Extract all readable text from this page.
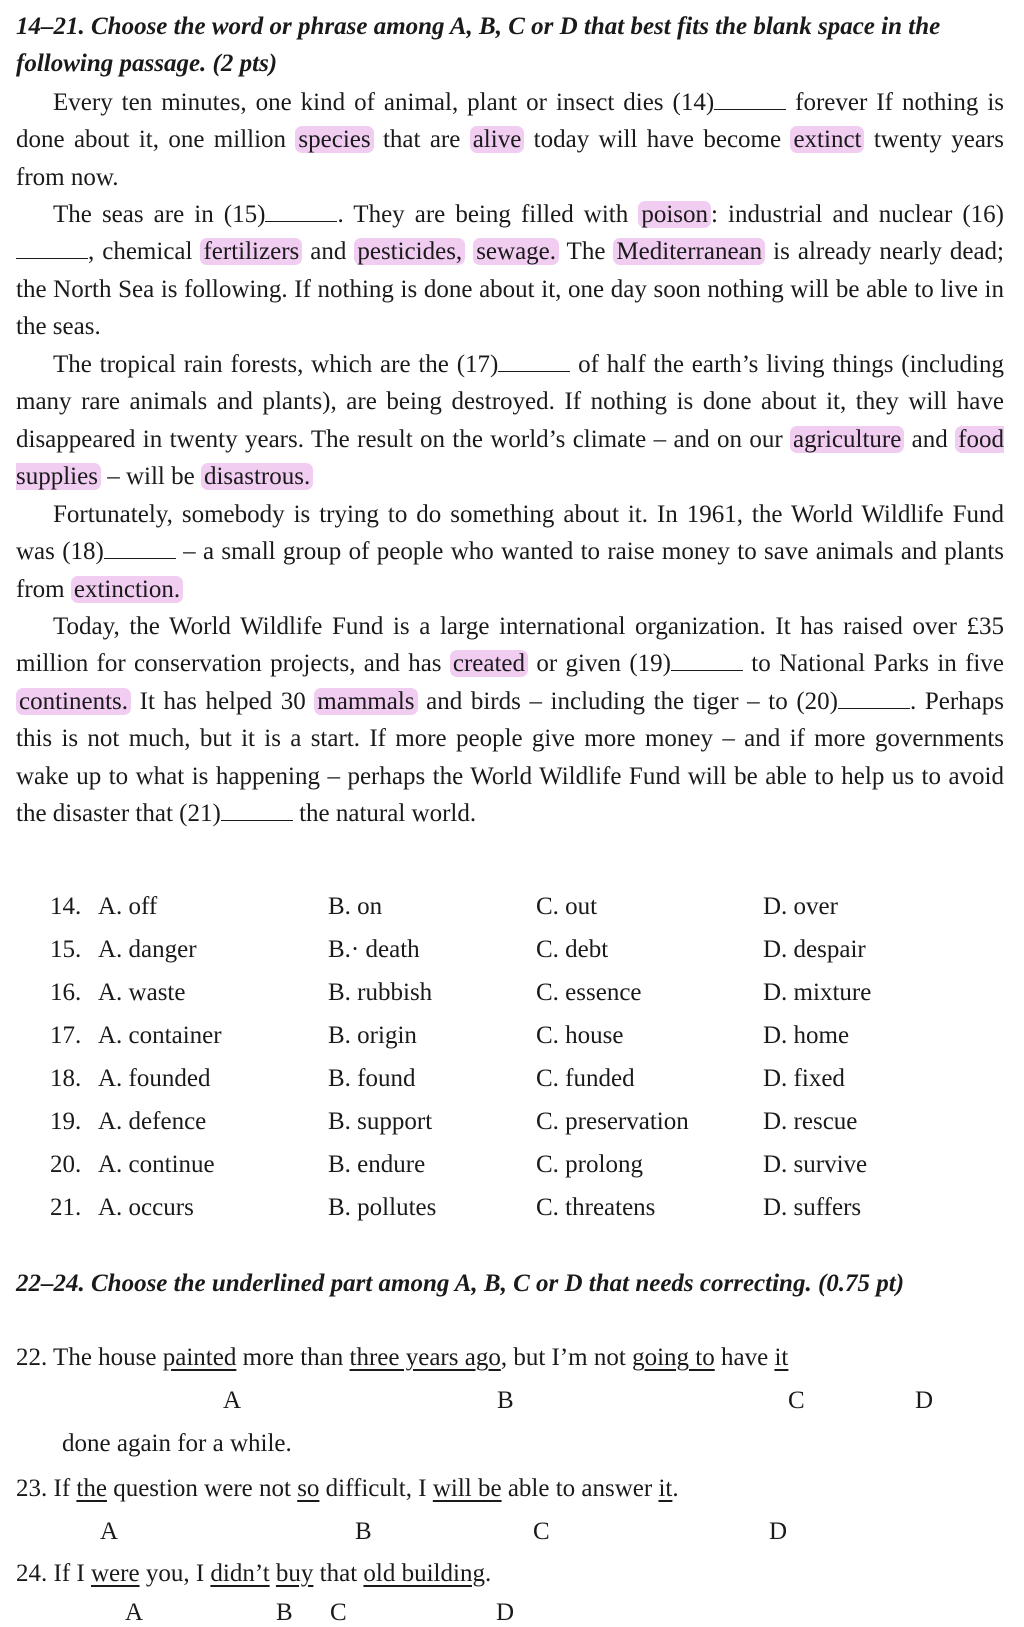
14–21. Choose the word or phrase among A, B, C or D that best fits the blank space in the following passage. (2 pts)
Every ten minutes, one kind of animal, plant or insect dies (14)	forever If nothing is done about it, one million species that are alive today will have become extinct twenty years from now.
The seas are in (15)	. They are being filled with poison : industrial and nuclear (16), chemical fertilizers and pesticides, sewage. The Mediterranean is already nearly dead; the North Sea is following. If nothing is done about it, one day soon nothing will be able to live in the seas.
The tropical rain forests, which are the (17)	of half the earth’s living things (including many rare animals and plants), are being destroyed. If nothing is done about it, they will have disappeared in twenty years. The result on the world’s climate – and on our agriculture and food supplies – will be disastrous.
Fortunately, somebody is trying to do something about it. In 1961, the World Wildlife Fund was (18)	– a small group of people who wanted to raise money to save animals and plants from extinction.
Today, the World Wildlife Fund is a large international organization. It has raised over £35 million for conservation projects, and has created or given (19)	to National Parks in five continents. It has helped 30 mammals and birds – including the tiger – to (20)	. Perhaps this is not much, but it is a start. If more people give more money – and if more governments wake up to what is happening – perhaps the World Wildlife Fund will be able to help us to avoid the disaster that (21)	the natural world.
14. A. off	B. on	C. out	D. over
15. A. danger	B.· death	C. debt	D. despair
16. A. waste	B. rubbish	C. essence	D. mixture
17. A. container	B. origin	C. house	D. home
18. A. founded	B. found	C. funded	D. fixed
19. A. defence	B. support	C. preservation	D. rescue
20. A. continue	B. endure	C. prolong	D. survive
21. A. occurs	B. pollutes	C. threatens	D. suffers
22–24. Choose the underlined part among A, B, C or D that needs correcting. (0.75 pt)
22. The house painted more than three years ago, but I’m not going to have it
A	B	C	D
done again for a while.
23. If the question were not so difficult, I will be able to answer it.
A	B	C	D
24. If I were you, I didn’t buy that old building.
A	B C	D
